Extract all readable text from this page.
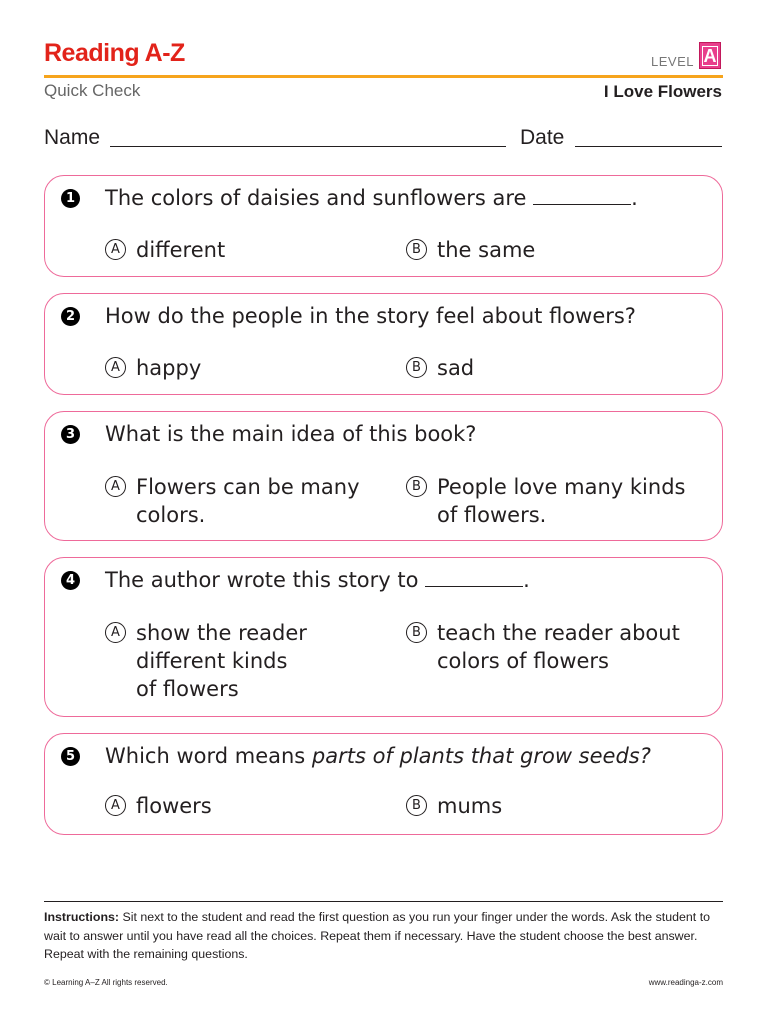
Reading A-Z	LEVEL A
Quick Check	I Love Flowers
Name	Date
1 The colors of daisies and sunflowers are	.
A different	B the same
2 How do the people in the story feel about flowers?
A happy	B sad
3 What is the main idea of this book?
A Flowers can be many
colors.
B People love many kinds
of flowers.
4 The author wrote this story to	.
A show the reader
different kinds
of flowers
B teach the reader about
colors of flowers
5 Which word means parts of plants that grow seeds?
A flowers	B mums
Instructions: Sit next to the student and read the first question as you run your finger under the words. Ask the student to wait to answer until you have read all the choices. Repeat them if necessary. Have the student choose the best answer. Repeat with the remaining questions.
© Learning A–Z All rights reserved.	www.readinga-z.com
